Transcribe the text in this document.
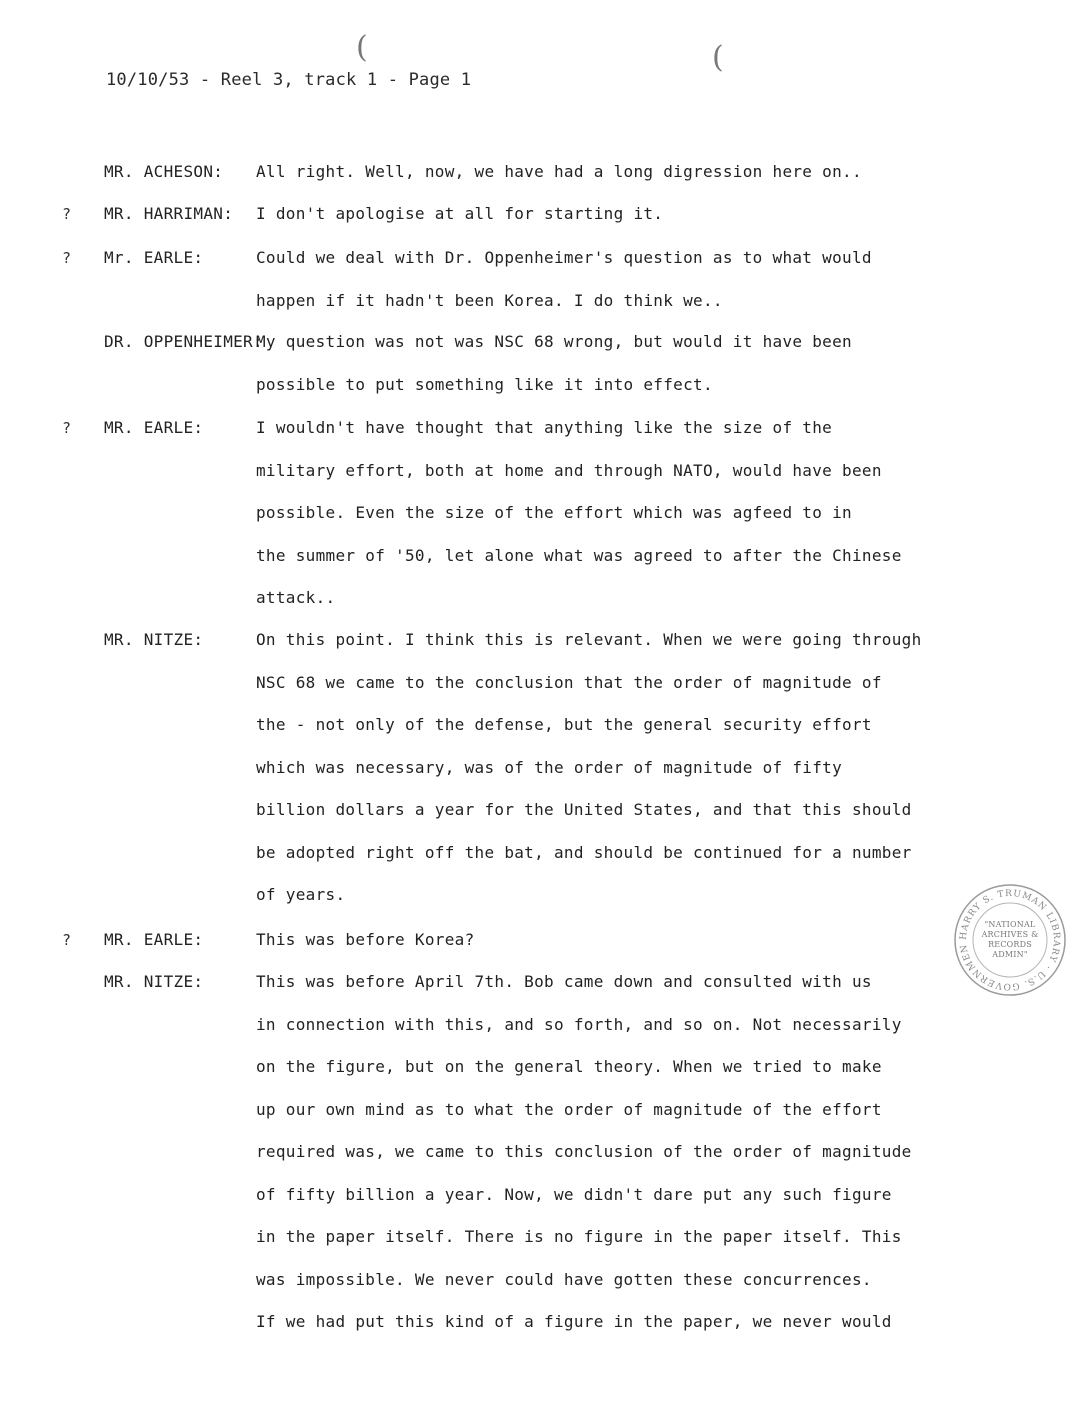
(	(
10/10/53 - Reel 3, track 1 - Page 1
MR. ACHESON: All right. Well, now, we have had a long digression here on..
? MR. HARRIMAN: I don't apologise at all for starting it.
? Mr. EARLE:	Could we deal with Dr. Oppenheimer's question as to what would
happen if it hadn't been Korea. I do think we..
DR. OPPENHEIMER:
My question was not was NSC 68 wrong, but would it have been
possible to put something like it into effect.
? MR. EARLE:	I wouldn't have thought that anything like the size of the
military effort, both at home and through NATO, would have been
possible. Even the size of the effort which was agfeed to in
the summer of '50, let alone what was agreed to after the Chinese
attack..
MR. NITZE:	On this point. I think this is relevant. When we were going through
NSC 68 we came to the conclusion that the order of magnitude of
the - not only of the defense, but the general security effort
which was necessary, was of the order of magnitude of fifty
billion dollars a year for the United States, and that this should
be adopted right off the bat, and should be continued for a number
of years.
? MR. EARLE:	This was before Korea?
MR. NITZE:	This was before April 7th. Bob came down and consulted with us
in connection with this, and so forth, and so on. Not necessarily
on the figure, but on the general theory. When we tried to make
up our own mind as to what the order of magnitude of the effort
required was, we came to this conclusion of the order of magnitude
of fifty billion a year. Now, we didn't dare put any such figure
in the paper itself. There is no figure in the paper itself. This
was impossible. We never could have gotten these concurrences.
If we had put this kind of a figure in the paper, we never would
HARRY S. TRUMAN LIBRARY · U.S. GOVERNMEN
"NATIONAL
ARCHIVES &
RECORDS
ADMIN"
